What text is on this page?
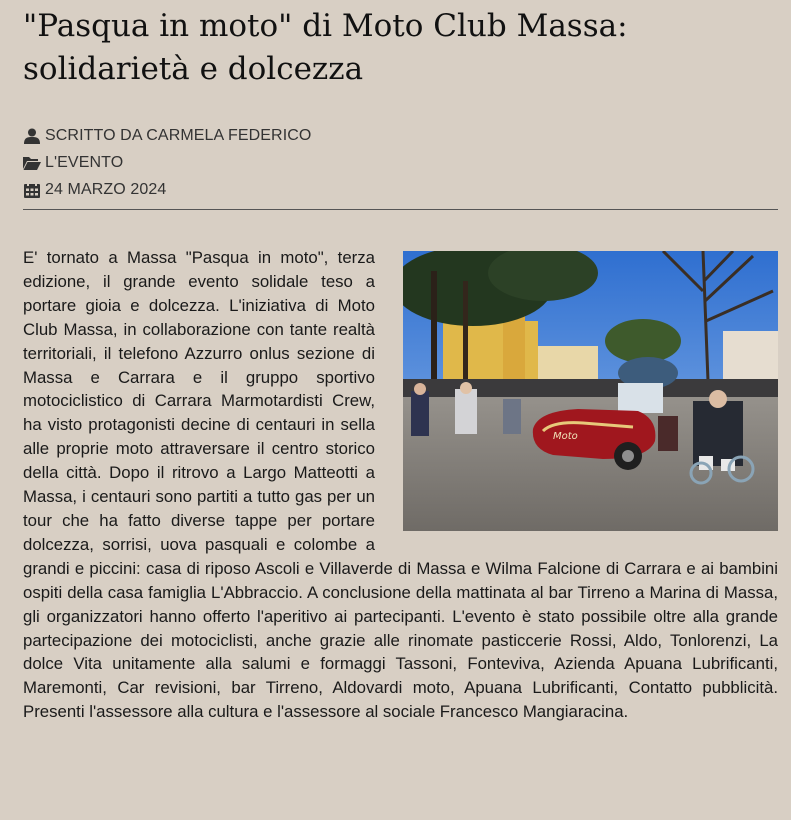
"Pasqua in moto" di Moto Club Massa: solidarietà e dolcezza
SCRITTO DA CARMELA FEDERICO
L'EVENTO
24 MARZO 2024
Moto
E' tornato a Massa "Pasqua in moto", terza edizione, il grande evento solidale teso a portare gioia e dolcezza. L'iniziativa di Moto Club Massa, in collaborazione con tante realtà territoriali, il telefono Azzurro onlus sezione di Massa e Carrara e il gruppo sportivo motociclistico di Carrara Marmotardisti Crew, ha visto protagonisti decine di centauri in sella alle proprie moto attraversare il centro storico della città. Dopo il ritrovo a Largo Matteotti a Massa, i centauri sono partiti a tutto gas per un tour che ha fatto diverse tappe per portare dolcezza, sorrisi, uova pasquali e colombe a grandi e piccini: casa di riposo Ascoli e Villaverde di Massa e Wilma Falcione di Carrara e ai bambini ospiti della casa famiglia L'Abbraccio. A conclusione della mattinata al bar Tirreno a Marina di Massa, gli organizzatori hanno offerto l'aperitivo ai partecipanti. L'evento è stato possibile oltre alla grande partecipazione dei motociclisti, anche grazie alle rinomate pasticcerie Rossi, Aldo, Tonlorenzi, La dolce Vita unitamente alla salumi e formaggi Tassoni, Fonteviva, Azienda Apuana Lubrificanti, Maremonti, Car revisioni, bar Tirreno, Aldovardi moto, Apuana Lubrificanti, Contatto pubblicità. Presenti l'assessore alla cultura e l'assessore al sociale Francesco Mangiaracina.
